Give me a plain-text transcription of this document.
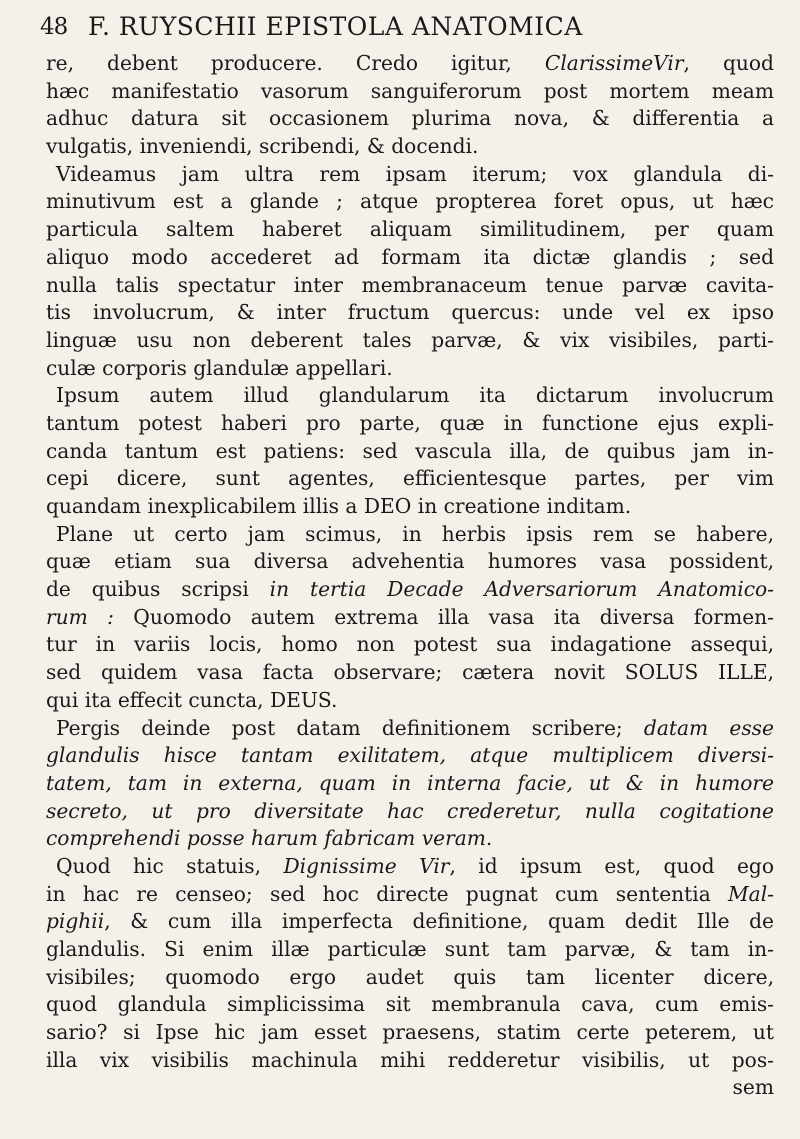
48 F. RUYSCHII EPISTOLA ANATOMICA
re, debent producere. Credo igitur, ClarissimeVir, quod
hæc manifestatio vasorum sanguiferorum post mortem meam
adhuc datura sit occasionem plurima nova, & differentia a
vulgatis, inveniendi, scribendi, & docendi.
Videamus jam ultra rem ipsam iterum; vox glandula di-
minutivum est a glande ; atque propterea foret opus, ut hæc
particula saltem haberet aliquam similitudinem, per quam
aliquo modo accederet ad formam ita dictæ glandis ; sed
nulla talis spectatur inter membranaceum tenue parvæ cavita-
tis involucrum, & inter fructum quercus: unde vel ex ipso
linguæ usu non deberent tales parvæ, & vix visibiles, parti-
culæ corporis glandulæ appellari.
Ipsum autem illud glandularum ita dictarum involucrum
tantum potest haberi pro parte, quæ in functione ejus expli-
canda tantum est patiens: sed vascula illa, de quibus jam in-
cepi dicere, sunt agentes, efficientesque partes, per vim
quandam inexplicabilem illis a DEO in creatione inditam.
Plane ut certo jam scimus, in herbis ipsis rem se habere,
quæ etiam sua diversa advehentia humores vasa possident,
de quibus scripsi in tertia Decade Adversariorum Anatomico-
rum : Quomodo autem extrema illa vasa ita diversa formen-
tur in variis locis, homo non potest sua indagatione assequi,
sed quidem vasa facta observare; cætera novit SOLUS ILLE,
qui ita effecit cuncta, DEUS.
Pergis deinde post datam definitionem scribere; datam esse
glandulis hisce tantam exilitatem, atque multiplicem diversi-
tatem, tam in externa, quam in interna facie, ut & in humore
secreto, ut pro diversitate hac crederetur, nulla cogitatione
comprehendi posse harum fabricam veram.
Quod hic statuis, Dignissime Vir, id ipsum est, quod ego
in hac re censeo; sed hoc directe pugnat cum sententia Mal-
pighii, & cum illa imperfecta definitione, quam dedit Ille de
glandulis. Si enim illæ particulæ sunt tam parvæ, & tam in-
visibiles; quomodo ergo audet quis tam licenter dicere,
quod glandula simplicissima sit membranula cava, cum emis-
sario? si Ipse hic jam esset praesens, statim certe peterem, ut
illa vix visibilis machinula mihi redderetur visibilis, ut pos-
sem
